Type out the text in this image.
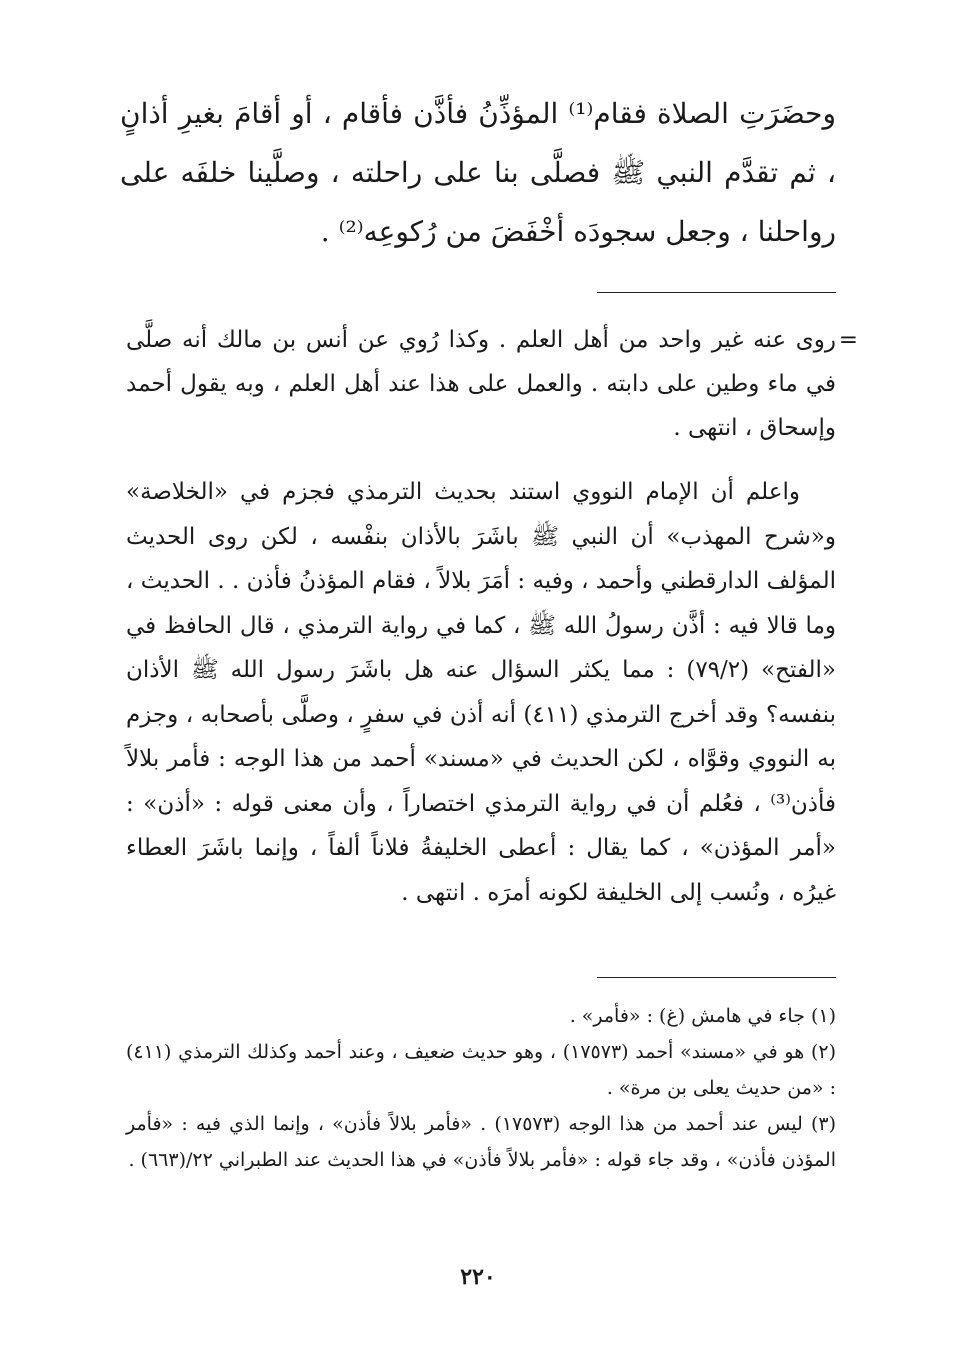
وحضَرَتِ الصلاة فقام⁽¹⁾ المؤذِّنُ فأذَّن فأقام ، أو أقامَ بغيرِ أذانٍ ، ثم تقدَّم النبي ﷺ فصلَّى بنا على راحلته ، وصلَّينا خلفَه على رواحلنا ، وجعل سجودَه أخْفَضَ من رُكوعِه⁽²⁾ .

=
روى عنه غير واحد من أهل العلم . وكذا رُوي عن أنس بن مالك أنه صلَّى في ماء وطين على دابته . والعمل على هذا عند أهل العلم ، وبه يقول أحمد وإسحاق ، انتهى .

واعلم أن الإمام النووي استند بحديث الترمذي فجزم في «الخلاصة» و«شرح المهذب» أن النبي ﷺ باشَرَ بالأذان بنفْسه ، لكن روى الحديث المؤلف الدارقطني وأحمد ، وفيه : أمَرَ بلالاً ، فقام المؤذنُ فأذن . . الحديث ، وما قالا فيه : أذَّن رسولُ الله ﷺ ، كما في رواية الترمذي ، قال الحافظ في «الفتح» (٧٩/٢) : مما يكثر السؤال عنه هل باشَرَ رسول الله ﷺ الأذان بنفسه؟ وقد أخرج الترمذي (٤١١) أنه أذن في سفرٍ ، وصلَّى بأصحابه ، وجزم به النووي وقوَّاه ، لكن الحديث في «مسند» أحمد من هذا الوجه : فأمر بلالاً فأذن⁽³⁾ ، فعُلم أن في رواية الترمذي اختصاراً ، وأن معنى قوله : «أذن» : «أمر المؤذن» ، كما يقال : أعطى الخليفةُ فلاناً ألفاً ، وإنما باشَرَ العطاء غيرُه ، ونُسب إلى الخليفة لكونه أمرَه . انتهى .

(١) جاء في هامش (غ) : «فأمر» .

(٢) هو في «مسند» أحمد (١٧٥٧٣) ، وهو حديث ضعيف ، وعند أحمد وكذلك الترمذي (٤١١) : «من حديث يعلى بن مرة» .

(٣) ليس عند أحمد من هذا الوجه (١٧٥٧٣) . «فأمر بلالاً فأذن» ، وإنما الذي فيه : «فأمر المؤذن فأذن» ، وقد جاء قوله : «فأمر بلالاً فأذن» في هذا الحديث عند الطبراني ٢٢/(٦٦٣) .

٢٢٠
